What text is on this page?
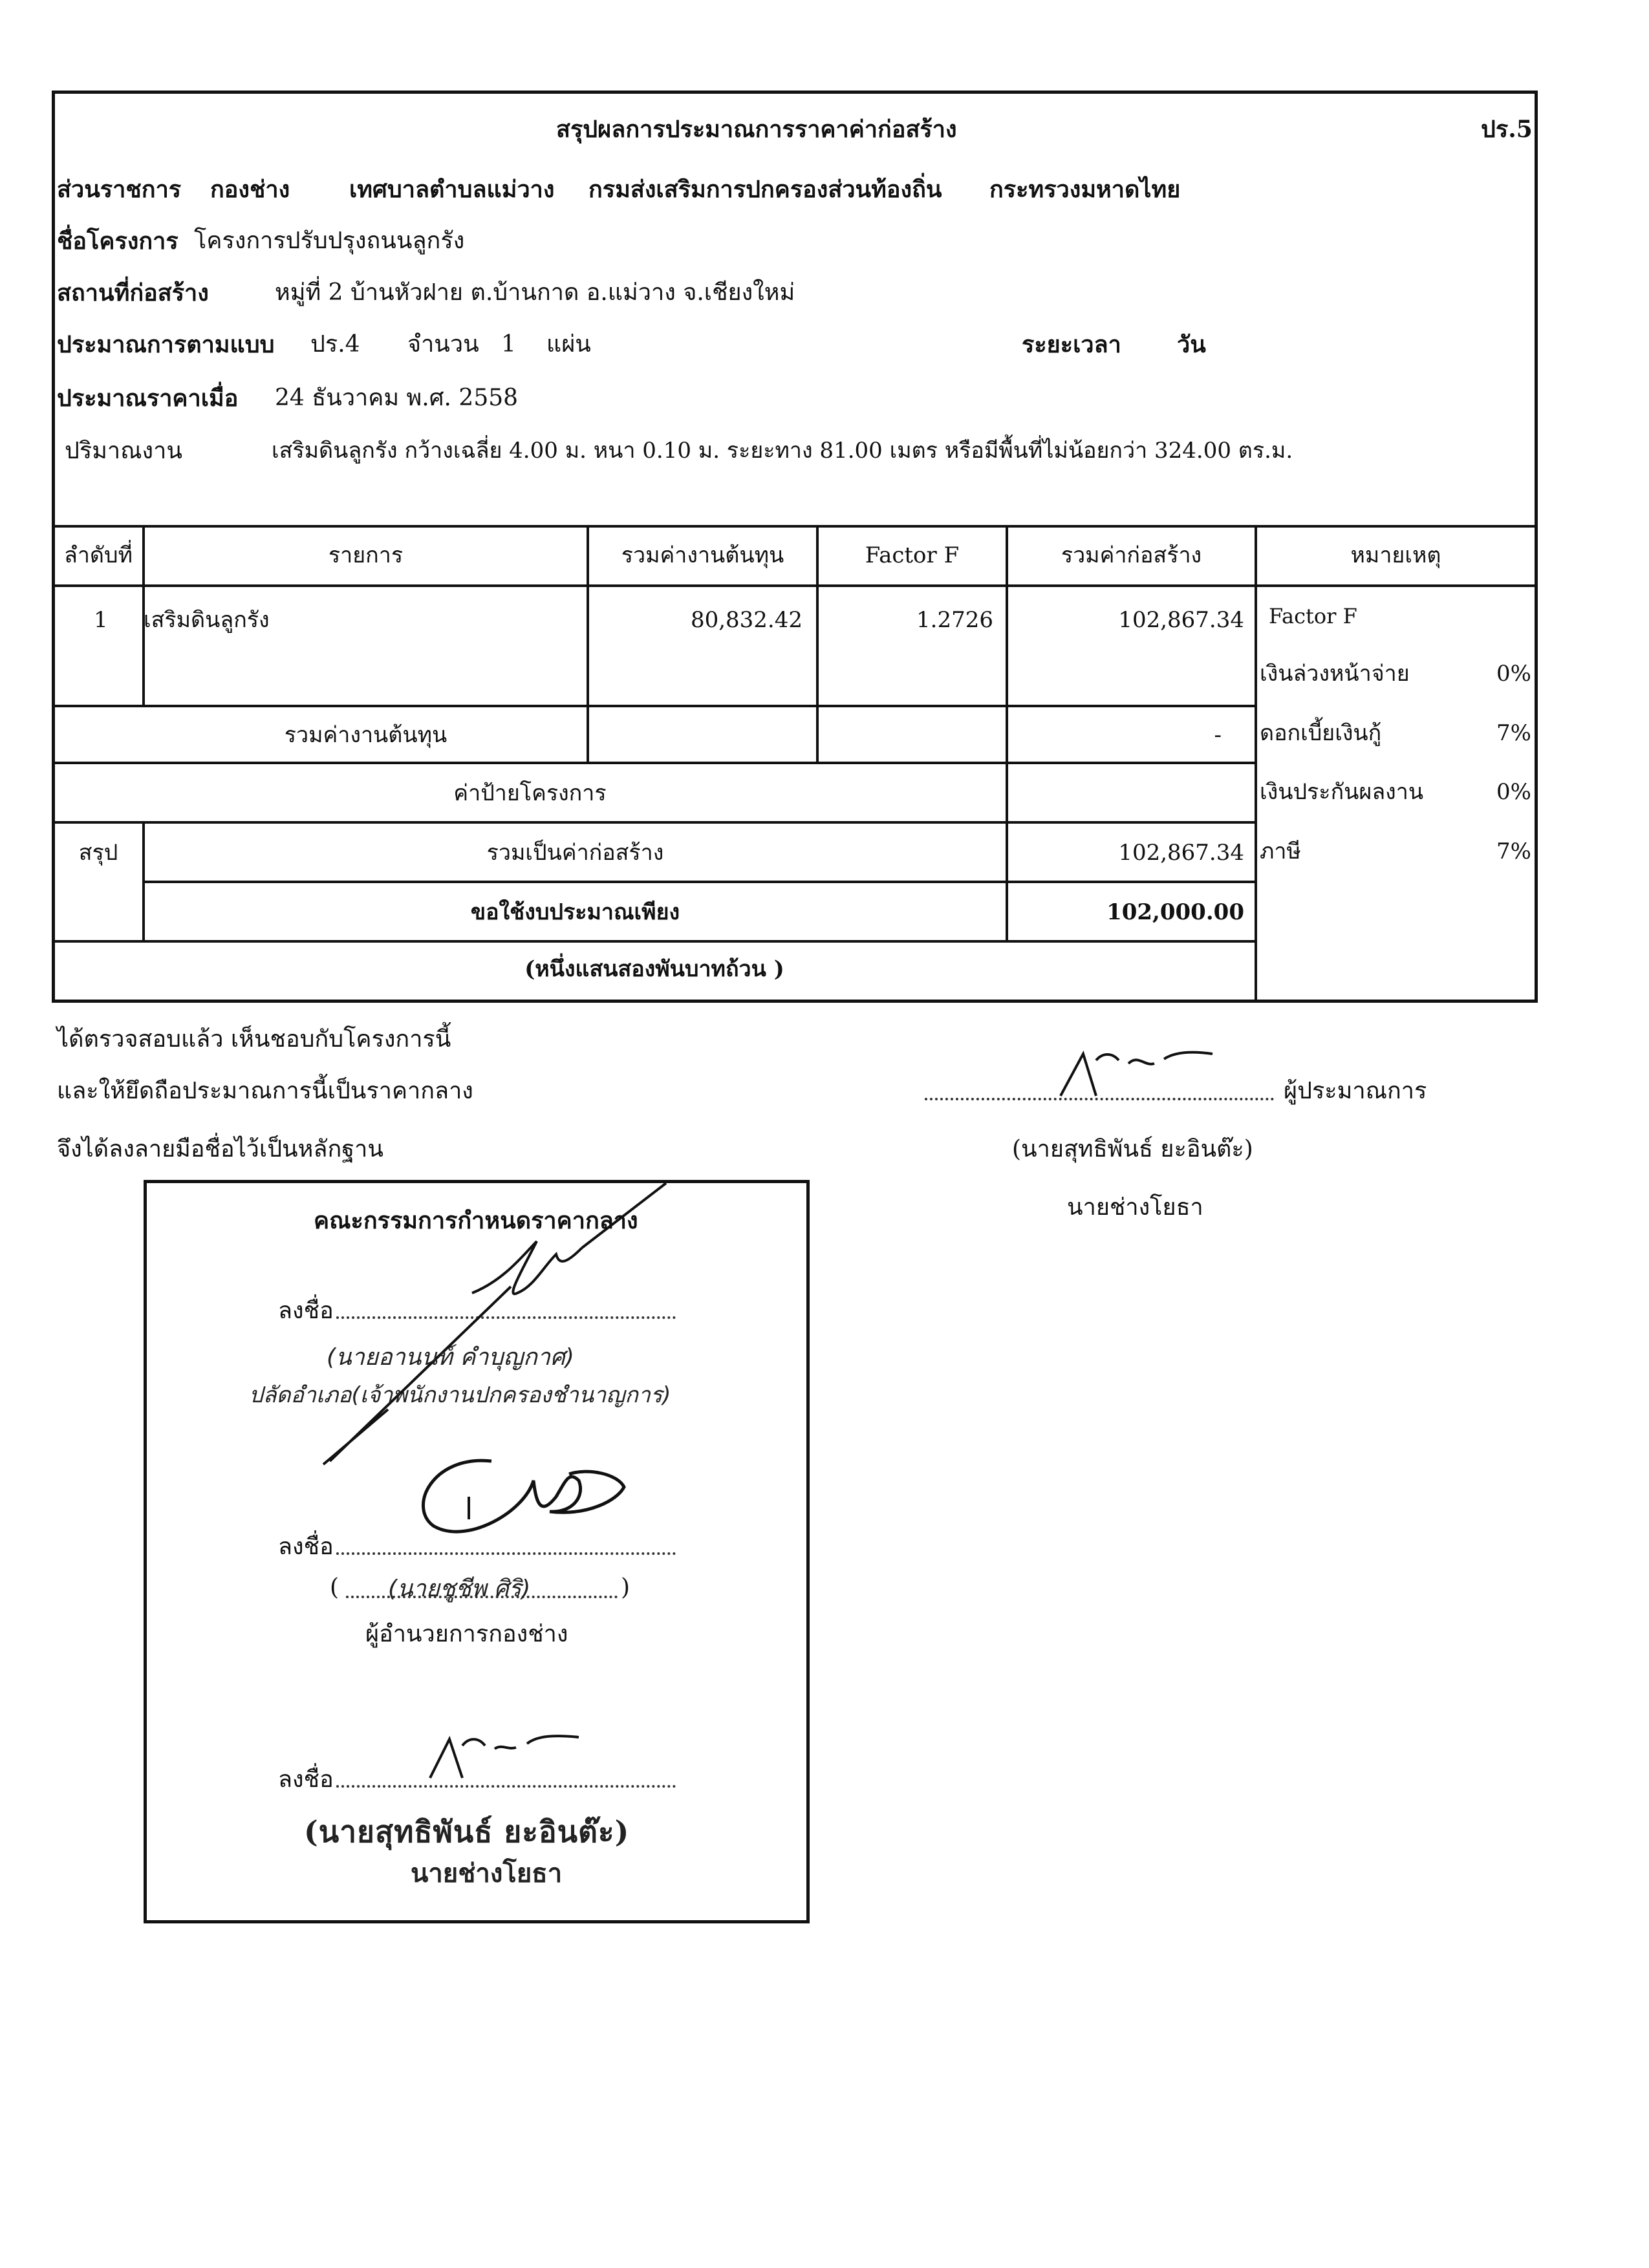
สรุปผลการประมาณการราคาค่าก่อสร้าง	ปร.5
ส่วนราชการ กองช่าง	เทศบาลตำบลแม่วาง กรมส่งเสริมการปกครองส่วนท้องถิ่น กระทรวงมหาดไทย
ชื่อโครงการ โครงการปรับปรุงถนนลูกรัง
สถานที่ก่อสร้าง	หมู่ที่ 2 บ้านหัวฝาย ต.บ้านกาด อ.แม่วาง จ.เชียงใหม่
ประมาณการตามแบบ ปร.4 จำนวน 1 แผ่น	ระยะเวลา วัน
ประมาณราคาเมื่อ 24 ธันวาคม พ.ศ. 2558
ปริมาณงาน	เสริมดินลูกรัง กว้างเฉลี่ย 4.00 ม. หนา 0.10 ม. ระยะทาง 81.00 เมตร หรือมีพื้นที่ไม่น้อยกว่า 324.00 ตร.ม.
ลำดับที่	รายการ	รวมค่างานต้นทุน	Factor F	รวมค่าก่อสร้าง	หมายเหตุ
1 เสริมดินลูกรัง	80,832.42	1.2726	102,867.34
รวมค่างานต้นทุน	-
ค่าป้ายโครงการ
สรุป	รวมเป็นค่าก่อสร้าง	102,867.34
ขอใช้งบประมาณเพียง	102,000.00
(หนึ่งแสนสองพันบาทถ้วน )
Factor F
เงินล่วงหน้าจ่าย	0%
ดอกเบี้ยเงินกู้	7%
เงินประกันผลงาน	0%
ภาษี	7%
ได้ตรวจสอบแล้ว เห็นชอบกับโครงการนี้
และให้ยึดถือประมาณการนี้เป็นราคากลาง
จึงได้ลงลายมือชื่อไว้เป็นหลักฐาน
ผู้ประมาณการ
(นายสุทธิพันธ์ ยะอินต๊ะ)
นายช่างโยธา
คณะกรรมการกำหนดราคากลาง
ลงชื่อ
(นายอานนท์ คำบุญกาศ)
ปลัดอำเภอ(เจ้าพนักงานปกครองชำนาญการ)
ลงชื่อ
( (นายชูชีพ ศิริ)	)
ผู้อำนวยการกองช่าง
ลงชื่อ
(นายสุทธิพันธ์ ยะอินต๊ะ)
นายช่างโยธา
